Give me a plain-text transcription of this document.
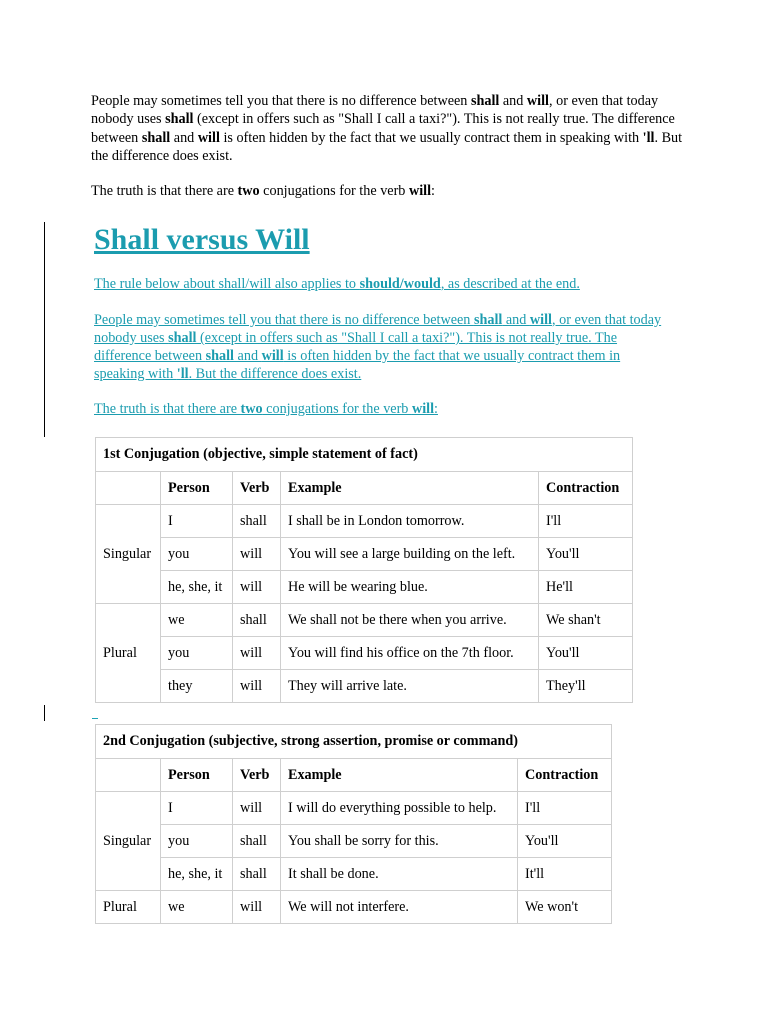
People may sometimes tell you that there is no difference between shall and will, or even that today nobody uses shall (except in offers such as "Shall I call a taxi?"). This is not really true. The difference between shall and will is often hidden by the fact that we usually contract them in speaking with 'll. But the difference does exist.

The truth is that there are two conjugations for the verb will:

Shall versus Will

The rule below about shall/will also applies to should/would, as described at the end.

People may sometimes tell you that there is no difference between shall and will, or even that today nobody uses shall (except in offers such as "Shall I call a taxi?"). This is not really true. The difference between shall and will is often hidden by the fact that we usually contract them in speaking with 'll. But the difference does exist.

The truth is that there are two conjugations for the verb will:

1st Conjugation (objective, simple statement of fact)				
	Person	Verb	Example	Contraction
Singular	I	shall	I shall be in London tomorrow.	I'll
	you	will	You will see a large building on the left.	You'll
	he, she, it	will	He will be wearing blue.	He'll
Plural	we	shall	We shall not be there when you arrive.	We shan't
	you	will	You will find his office on the 7th floor.	You'll
	they	will	They will arrive late.	They'll
2nd Conjugation (subjective, strong assertion, promise or command)				
	Person	Verb	Example	Contraction
Singular	I	will	I will do everything possible to help.	I'll
	you	shall	You shall be sorry for this.	You'll
	he, she, it	shall	It shall be done.	It'll
Plural	we	will	We will not interfere.	We won't
